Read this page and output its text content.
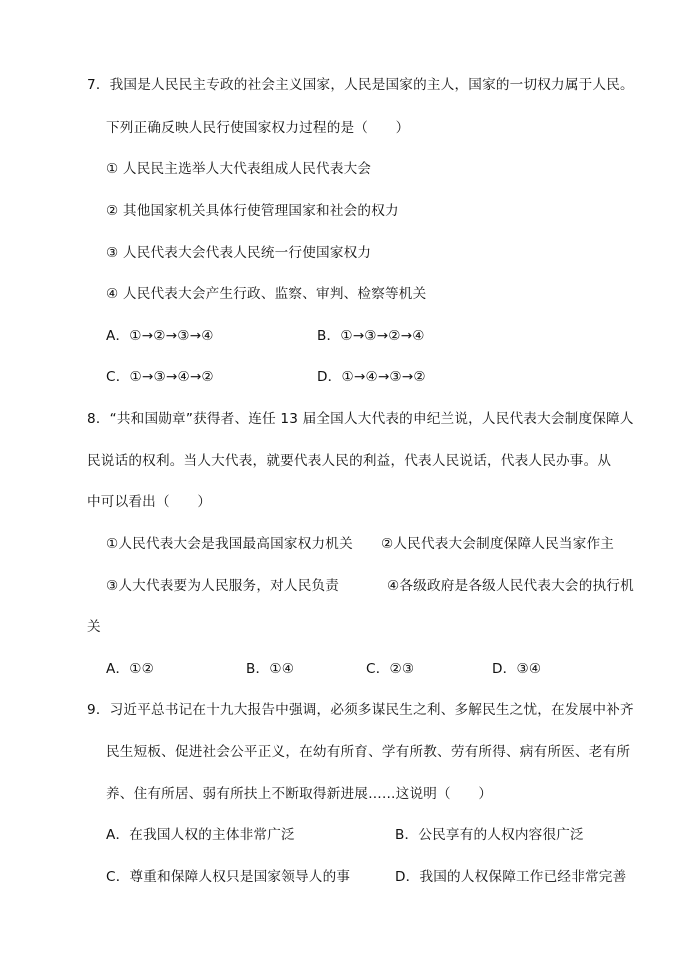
7．我国是人民民主专政的社会主义国家，人民是国家的主人，国家的一切权力属于人民。
下列正确反映人民行使国家权力过程的是（　　）
① 人民民主选举人大代表组成人民代表大会
② 其他国家机关具体行使管理国家和社会的权力
③ 人民代表大会代表人民统一行使国家权力
④ 人民代表大会产生行政、监察、审判、检察等机关
A．①→②→③→④	B．①→③→②→④
C．①→③→④→②	D．①→④→③→②
8．“共和国勋章”获得者、连任 13 届全国人大代表的申纪兰说，人民代表大会制度保障人
民说话的权利。当人大代表，就要代表人民的利益，代表人民说话，代表人民办事。从
中可以看出（　　）
①人民代表大会是我国最高国家权力机关 ②人民代表大会制度保障人民当家作主
③人大代表要为人民服务，对人民负责	④各级政府是各级人民代表大会的执行机
关
A．①②	B．①④	C．②③	D．③④
9．习近平总书记在十九大报告中强调，必须多谋民生之利、多解民生之忧，在发展中补齐
民生短板、促进社会公平正义，在幼有所育、学有所教、劳有所得、病有所医、老有所
养、住有所居、弱有所扶上不断取得新进展……这说明（　　）
A．在我国人权的主体非常广泛	B．公民享有的人权内容很广泛
C．尊重和保障人权只是国家领导人的事	D．我国的人权保障工作已经非常完善
